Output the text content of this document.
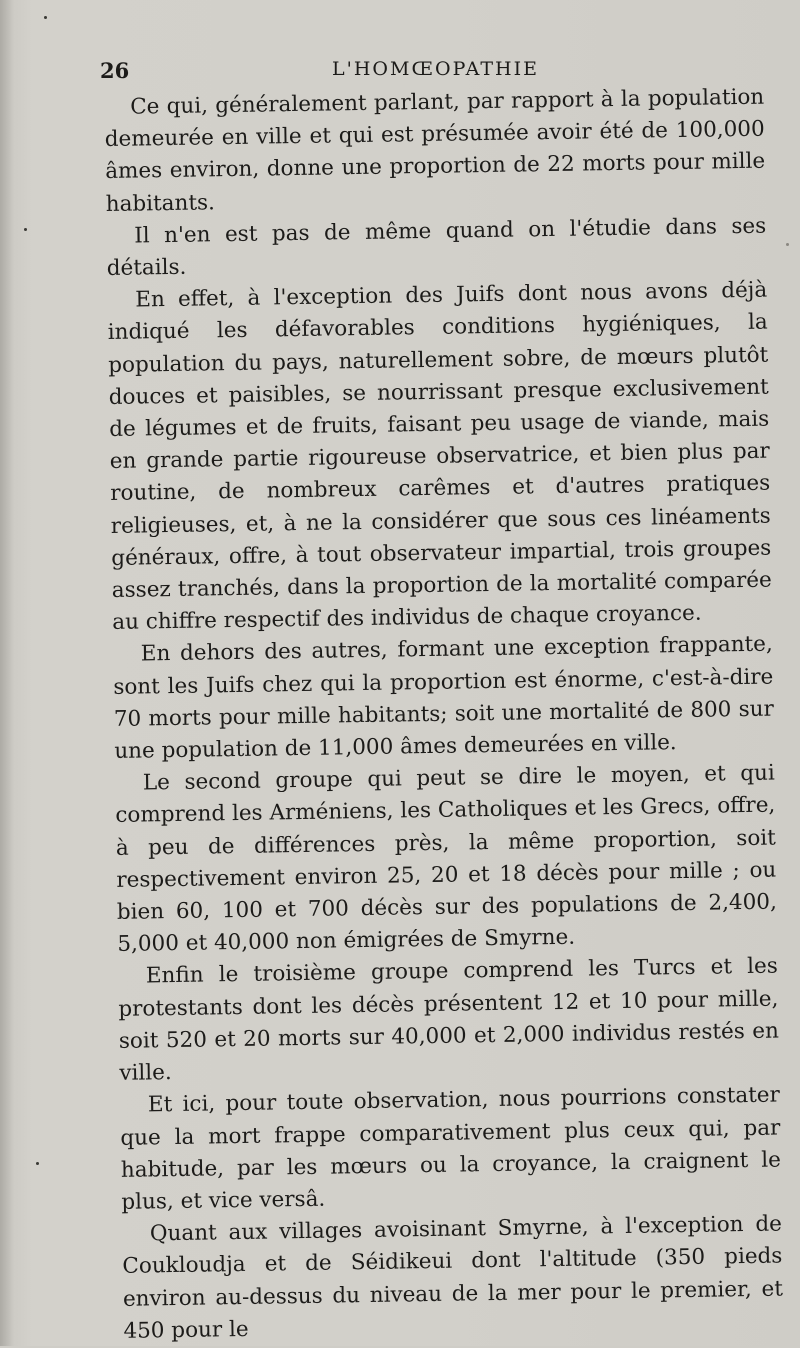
26	L'HOMŒOPATHIE

Ce qui, généralement parlant, par rapport à la population demeurée en ville et qui est présumée avoir été de 100,000 âmes environ, donne une proportion de 22 morts pour mille habitants.

Il n'en est pas de même quand on l'étudie dans ses détails.

En effet, à l'exception des Juifs dont nous avons déjà indiqué les défavorables conditions hygiéniques, la population du pays, naturellement sobre, de mœurs plutôt douces et paisibles, se nourrissant presque exclusivement de légumes et de fruits, faisant peu usage de viande, mais en grande partie rigoureuse observatrice, et bien plus par routine, de nombreux carêmes et d'autres pratiques religieuses, et, à ne la considérer que sous ces linéaments généraux, offre, à tout observateur impartial, trois groupes assez tranchés, dans la proportion de la mortalité comparée au chiffre respectif des individus de chaque croyance.

En dehors des autres, formant une exception frappante, sont les Juifs chez qui la proportion est énorme, c'est-à-dire 70 morts pour mille habitants; soit une mortalité de 800 sur une population de 11,000 âmes demeurées en ville.

Le second groupe qui peut se dire le moyen, et qui comprend les Arméniens, les Catholiques et les Grecs, offre, à peu de différences près, la même proportion, soit respectivement environ 25, 20 et 18 décès pour mille ; ou bien 60, 100 et 700 décès sur des populations de 2,400, 5,000 et 40,000 non émigrées de Smyrne.

Enfin le troisième groupe comprend les Turcs et les protestants dont les décès présentent 12 et 10 pour mille, soit 520 et 20 morts sur 40,000 et 2,000 individus restés en ville.

Et ici, pour toute observation, nous pourrions constater que la mort frappe comparativement plus ceux qui, par habitude, par les mœurs ou la croyance, la craignent le plus, et vice versâ.

Quant aux villages avoisinant Smyrne, à l'exception de Coukloudja et de Séidikeui dont l'altitude (350 pieds environ au-dessus du niveau de la mer pour le premier, et 450 pour le
